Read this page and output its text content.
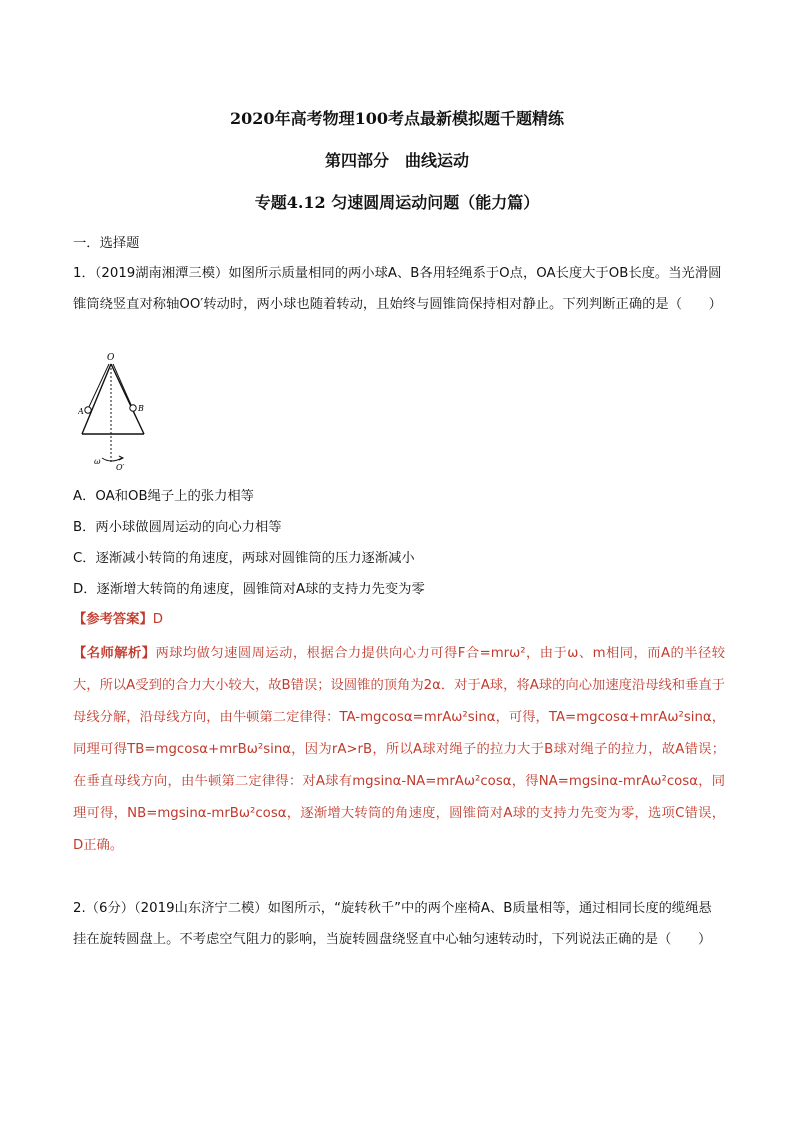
2020年高考物理100考点最新模拟题千题精练
第四部分　曲线运动
专题4.12 匀速圆周运动问题（能力篇）
一．选择题
1．（2019湖南湘潭三模）如图所示质量相同的两小球A、B各用轻绳系于O点，OA长度大于OB长度。当光滑圆锥筒绕竖直对称轴OO′转动时，两小球也随着转动，且始终与圆锥筒保持相对静止。下列判断正确的是（　　）
O
A	B
ω
O′
A．OA和OB绳子上的张力相等
B．两小球做圆周运动的向心力相等
C．逐渐减小转筒的角速度，两球对圆锥筒的压力逐渐减小
D．逐渐增大转筒的角速度，圆锥筒对A球的支持力先变为零
【参考答案】D
【名师解析】两球均做匀速圆周运动，根据合力提供向心力可得F合=mrω²，由于ω、m相同，而A的半径较大，所以A受到的合力大小较大，故B错误；设圆锥的顶角为2α．对于A球，将A球的向心加速度沿母线和垂直于母线分解，沿母线方向，由牛顿第二定律得：TA-mgcosα=mrAω²sinα，可得，TA=mgcosα+mrAω²sinα，同理可得TB=mgcosα+mrBω²sinα，因为rA>rB，所以A球对绳子的拉力大于B球对绳子的拉力，故A错误；在垂直母线方向，由牛顿第二定律得：对A球有mgsinα-NA=mrAω²cosα，得NA=mgsinα-mrAω²cosα，同理可得，NB=mgsinα-mrBω²cosα，逐渐增大转筒的角速度，圆锥筒对A球的支持力先变为零，选项C错误，D正确。
2.（6分）（2019山东济宁二模）如图所示，“旋转秋千”中的两个座椅A、B质量相等，通过相同长度的缆绳悬挂在旋转圆盘上。不考虑空气阻力的影响，当旋转圆盘绕竖直中心轴匀速转动时，下列说法正确的是（　　）
